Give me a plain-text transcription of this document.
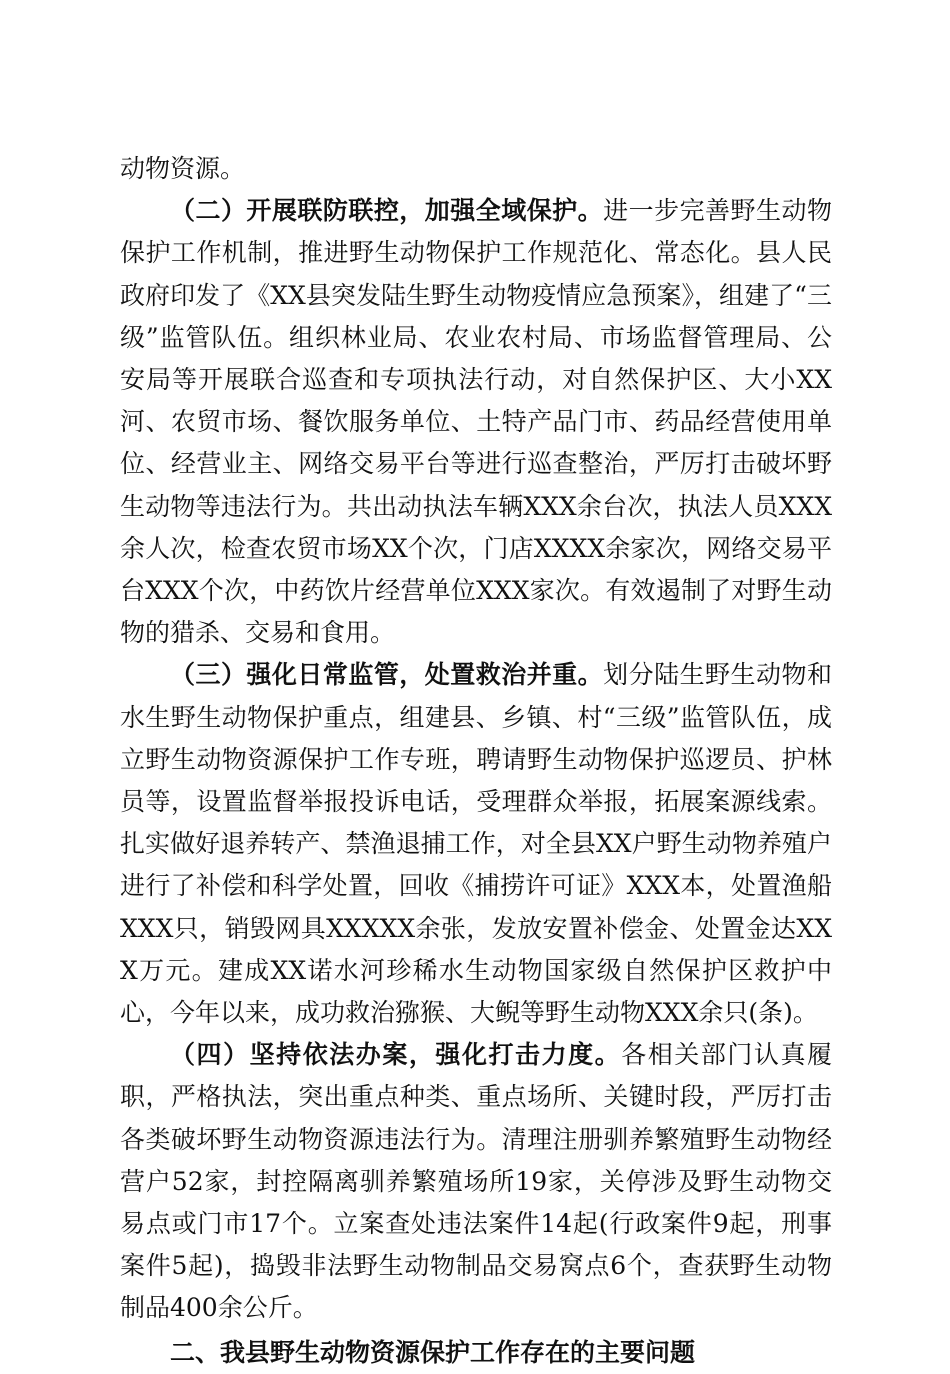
动物资源。

（二）开展联防联控，加强全域保护。进一步完善野生动物保护工作机制，推进野生动物保护工作规范化、常态化。县人民政府印发了《XX县突发陆生野生动物疫情应急预案》，组建了“三级”监管队伍。组织林业局、农业农村局、市场监督管理局、公安局等开展联合巡查和专项执法行动，对自然保护区、大小XX河、农贸市场、餐饮服务单位、土特产品门市、药品经营使用单位、经营业主、网络交易平台等进行巡查整治，严厉打击破坏野生动物等违法行为。共出动执法车辆XXX余台次，执法人员XXX余人次，检查农贸市场XX个次，门店XXXX余家次，网络交易平台XXX个次，中药饮片经营单位XXX家次。有效遏制了对野生动物的猎杀、交易和食用。

（三）强化日常监管，处置救治并重。划分陆生野生动物和水生野生动物保护重点，组建县、乡镇、村“三级”监管队伍，成立野生动物资源保护工作专班，聘请野生动物保护巡逻员、护林员等，设置监督举报投诉电话，受理群众举报，拓展案源线索。扎实做好退养转产、禁渔退捕工作，对全县XX户野生动物养殖户进行了补偿和科学处置，回收《捕捞许可证》XXX本，处置渔船XXX只，销毁网具XXXXX余张，发放安置补偿金、处置金达XXX万元。建成XX诺水河珍稀水生动物国家级自然保护区救护中心，今年以来，成功救治猕猴、大鲵等野生动物XXX余只(条)。

（四）坚持依法办案，强化打击力度。各相关部门认真履职，严格执法，突出重点种类、重点场所、关键时段，严厉打击各类破坏野生动物资源违法行为。清理注册驯养繁殖野生动物经营户52家，封控隔离驯养繁殖场所19家，关停涉及野生动物交易点或门市17个。立案查处违法案件14起(行政案件9起，刑事案件5起)，捣毁非法野生动物制品交易窝点6个，查获野生动物制品400余公斤。

二、我县野生动物资源保护工作存在的主要问题
